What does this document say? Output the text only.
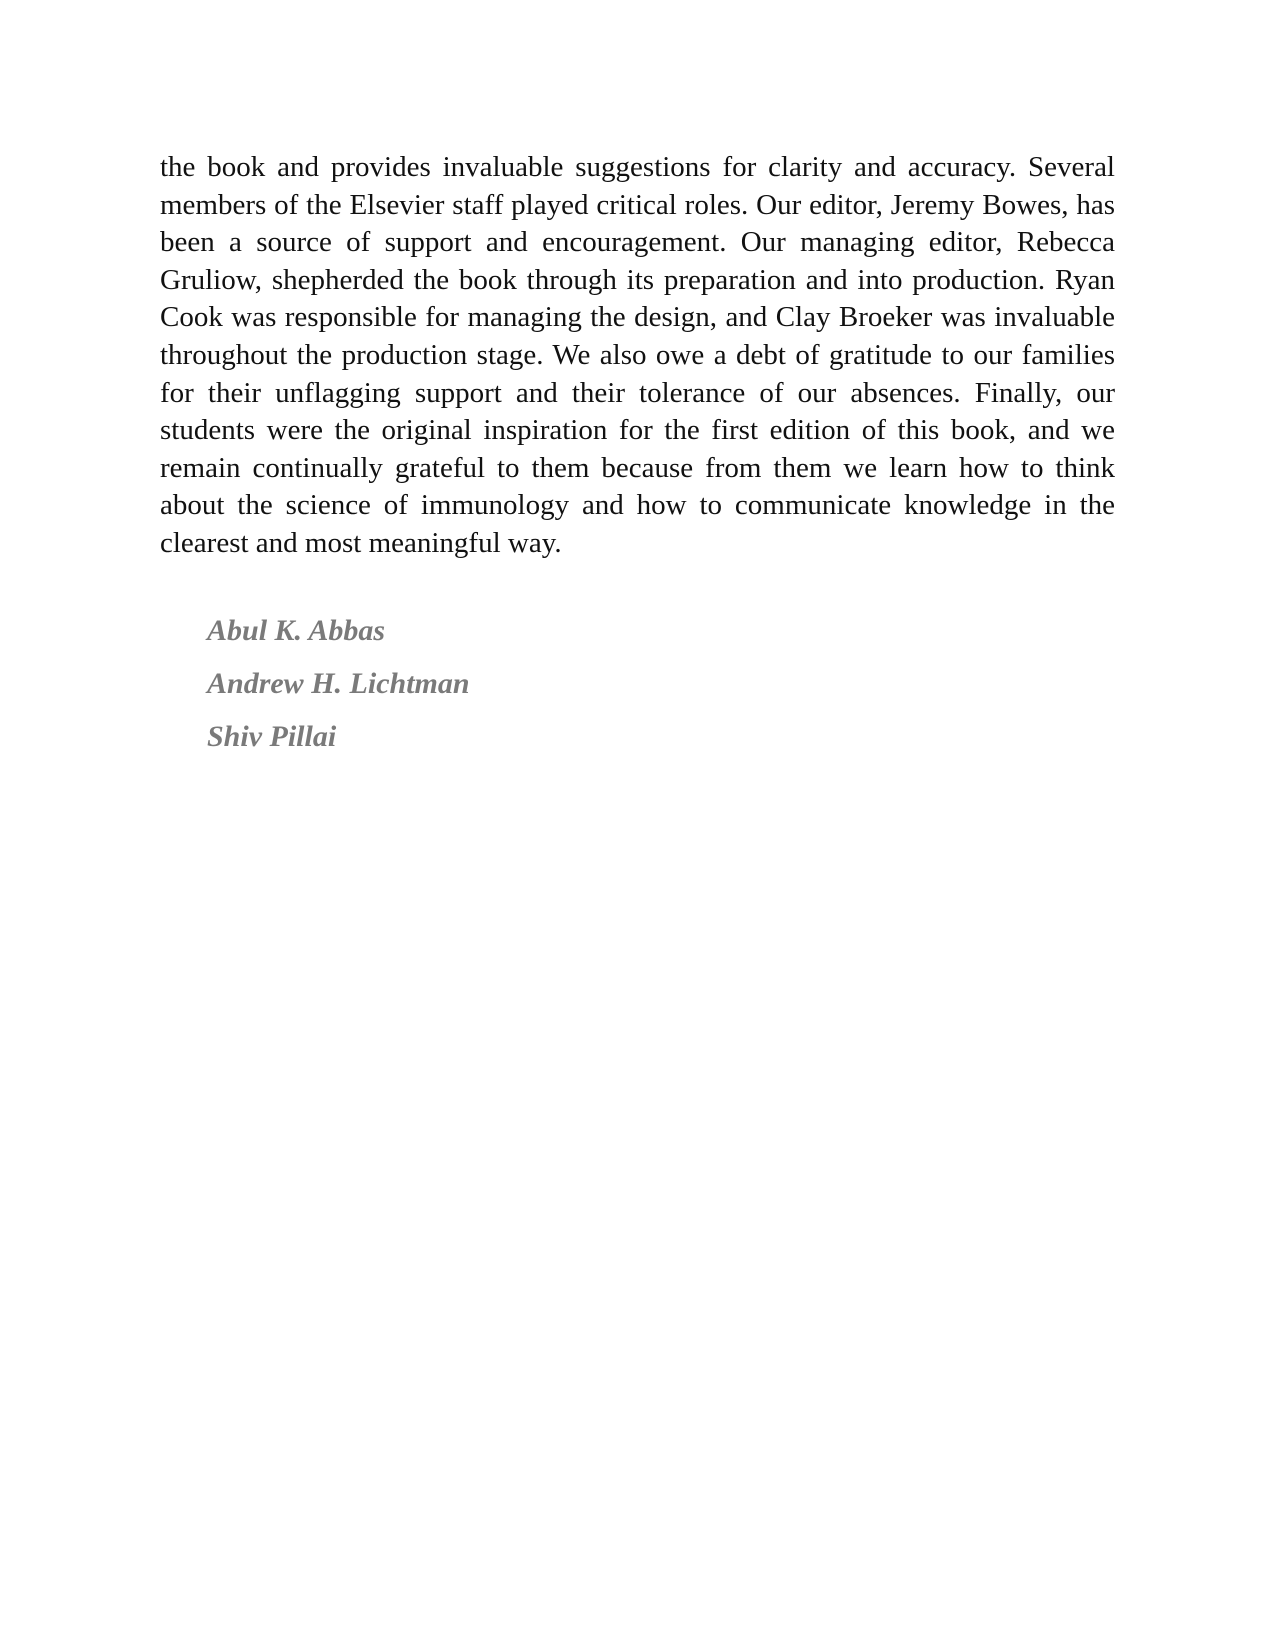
the book and provides invaluable suggestions for clarity and accuracy. Several members of the Elsevier staff played critical roles. Our editor, Jeremy Bowes, has been a source of support and encouragement. Our managing editor, Rebecca Gruliow, shepherded the book through its preparation and into production. Ryan Cook was responsible for managing the design, and Clay Broeker was invaluable throughout the production stage. We also owe a debt of gratitude to our families for their unflagging support and their tolerance of our absences. Finally, our students were the original inspiration for the first edition of this book, and we remain continually grateful to them because from them we learn how to think about the science of immunology and how to communicate knowledge in the clearest and most meaningful way.

Abul K. Abbas
Andrew H. Lichtman
Shiv Pillai
